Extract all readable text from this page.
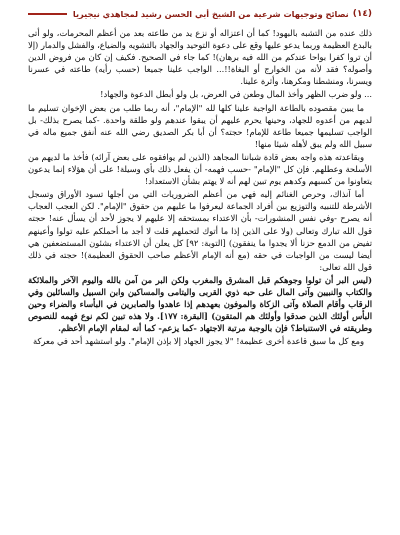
(١٤)
نصائح وتوجيهات شرعية من الشيخ أبي الحسن رشيد لمجاهدي نيجيريا

ذلك عنده من التشبه بالبهود! كما أن اعتزاله أو نزع يد من طاعته بعد من أعظم المحرمات، ولو أتى بالبدع العظيمة وربما يدعو عليها وقع على دعوة التوحيد والجهاد بالتشويه والضياع، والفشل والدمار (إلا أن تروا كفرا بواحا عندكم من الله فيه برهان)! كما جاء في الصحيح. فكيف إن كان من فروض الدين وأصوله؟ فقد لأنه من الخوارج أو البغاة!!... الواجب علينا جميعا (حسب رأيه) طاعته في عسرنا ويسرنا، ومنشطنا ومكرهنا، وأثرة علينا.

... ولو ضرب الظهر وأخذ المال وطعن في العرض، بل ولو أبطل الدعوة والجهاد!

ما يبين مقصوده بالطاعة الواجبة علينا كلها لله "الإمام"، أنه ربما طلب من بعض الإخوان تسليم ما لديهم من أعدوه للجهاد، وحينها يحرم عليهم أن يبقوا عندهم ولو طلقة واحدة. -كما يصرح بذلك- بل الواجب تسليمها جميعا طاعة للإمام! حجته؟ أن أبا بكر الصديق رضي الله عنه أنفق جميع ماله في سبيل الله ولم يبق لأهله شيئا منها!

وبقاعدته هذه واجه بعض قادة شباننا المجاهد (الذين لم يوافقوه على بعض آرائه) فأخذ ما لديهم من الأسلحة وعطلهم. فإن كل "الإمام" -حسب فهمه- أن يفعل ذلك بأي وسيلة! على أن هؤلاء إنما يدعون يتعاونوا من كسبهم وكدهم يوم تبين لهم أنه لا يهتم بشأن الاستعداد!

أما آنذاك، وحرص الغنائم إليه فهي من أعظم الضروريات التي من أجلها تسود الأوراق وتسجل الأشرطة للتنبيه والتوزيع بين أفراد الجماعة ليعرفوا ما عليهم من حقوق "الإمام". لكن العجب العجاب أنه يصرح -وفي نفس المنشورات- بأن الاعتداء بمستحقه إلا عليهم لا يجوز لأحد أن يسأل عنه! حجته قول الله تبارك وتعالى (ولا على الذين إذا ما أتوك لتحملهم قلت لا أجد ما أحملكم عليه تولوا وأعينهم تفيض من الدمع حزنا ألا يجدوا ما ينفقون) [التوبة: ٩٢] كل يعلن أن الاعتداء بشئون المستضعفين هي أيضا ليست من الواجبات في حقه (مع أنه الإمام الأعظم صاحب الحقوق العظيمة)! حجته في ذلك قول الله تعالى:

(ليس البر أن تولوا وجوهكم قبل المشرق والمغرب ولكن البر من آمن بالله واليوم الآخر والملائكة والكتاب والنبيين وآتى المال على حبه ذوي القربى واليتامى والمساكين وابن السبيل والسائلين وفي الرقاب وأقام الصلاة وآتى الزكاة والموفون بعهدهم إذا عاهدوا والصابرين في البأساء والضراء وحين البأس أولئك الذين صدقوا وأولئك هم المتقون) [البقرة: ١٧٧]. ولا هذه تبين لكم نوع فهمه للنصوص وطريقته في الاستنباط؟ فإن بالوجبة مرتبة الاجتهاد -كما يزعم- كما أنه لمقام الإمام الأعظم.

ومع كل ما سبق قاعدة أخرى عظيمة! "لا يجوز الجهاد إلا بإذن الإمام". ولو استشهد أحد في معركة
